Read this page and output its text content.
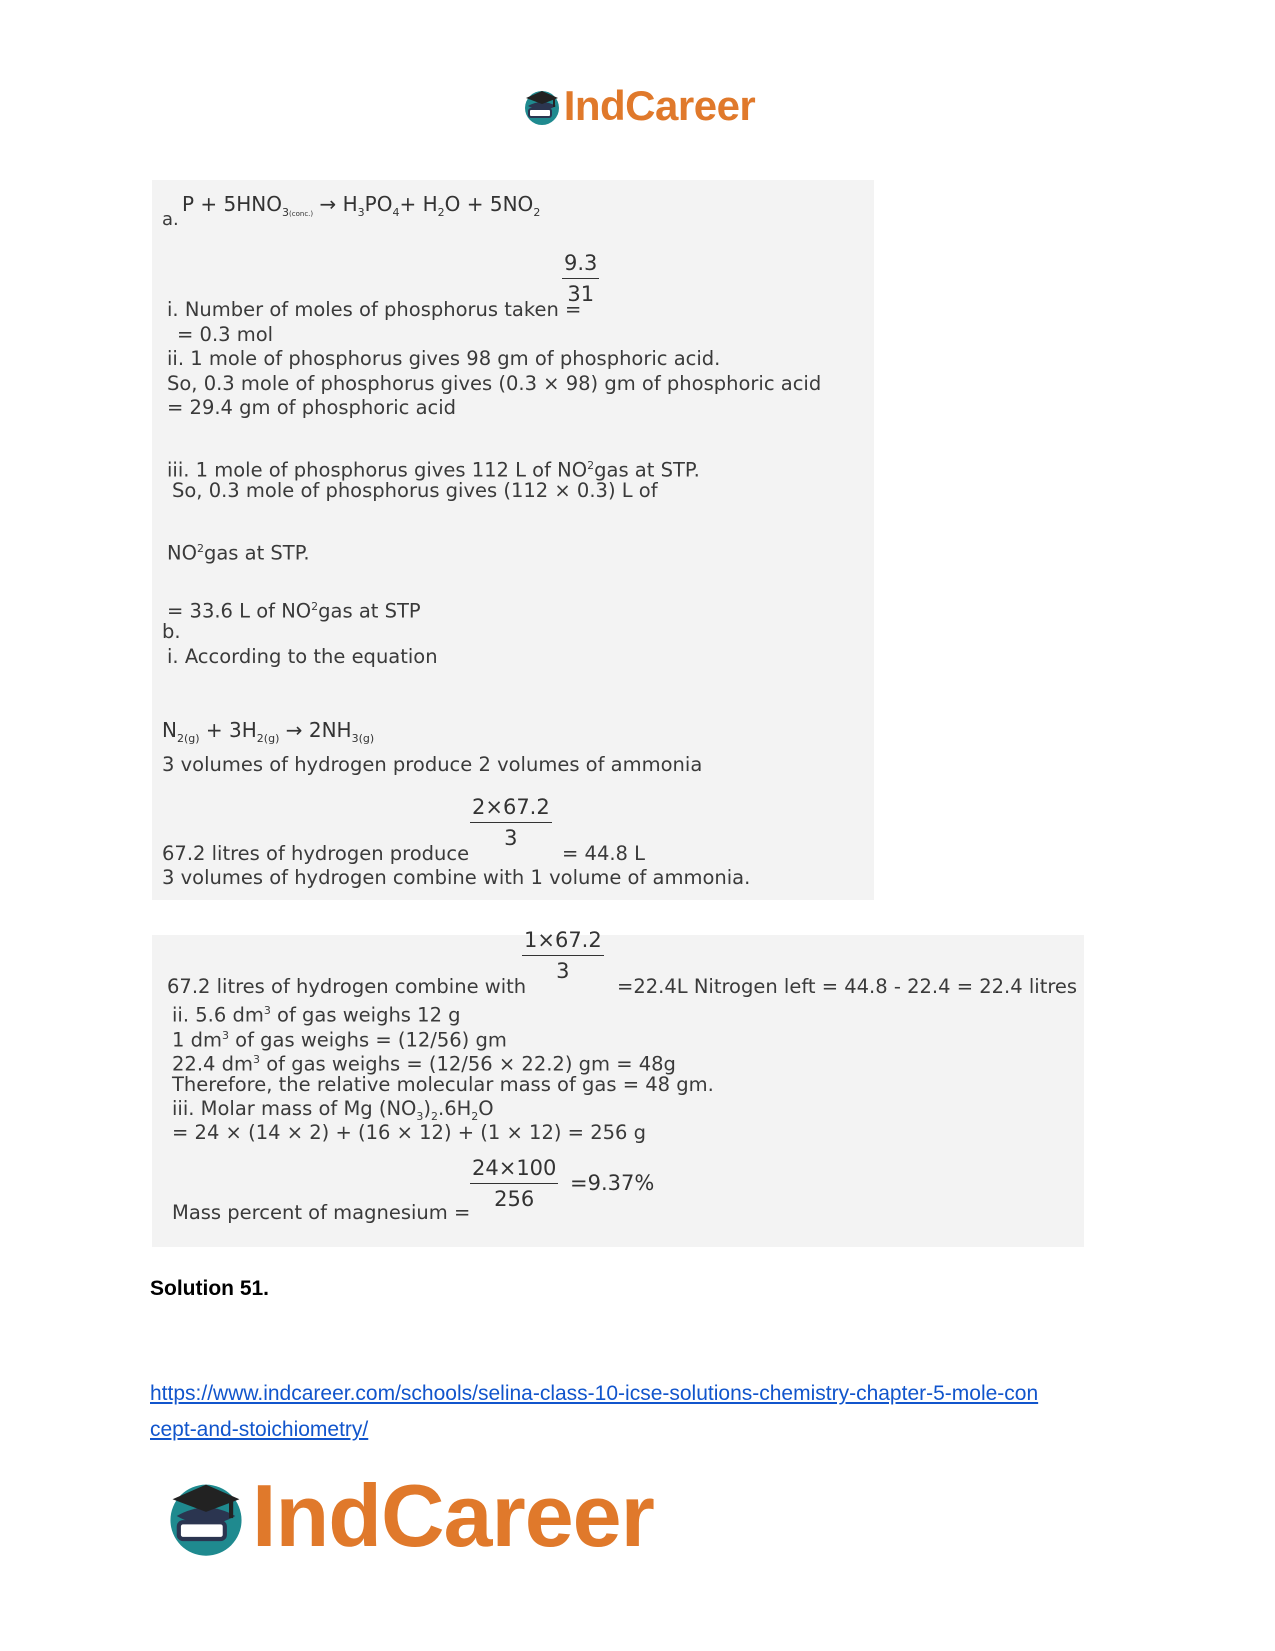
IndCareer
a.
$P + 5HNO_{3(conc.)} \to H_3PO_4+ H_2O + 5NO_2$
i. Number of moles of phosphorus taken =
$\frac{9.3}{31}$
= 0.3 mol
ii. 1 mole of phosphorus gives 98 gm of phosphoric acid.
So, 0.3 mole of phosphorus gives (0.3 × 98) gm of phosphoric acid
= 29.4 gm of phosphoric acid
iii. 1 mole of phosphorus gives 112 L of $NO^2gas$ at STP.
So, 0.3 mole of phosphorus gives (112 × 0.3) L of
$NO^2gas$ at STP.
= 33.6 L of $NO^2gas$ at STP
b.
i. According to the equation
$N_{2(g)} + 3H_{2(g)} \to 2NH_{3(g)}$
3 volumes of hydrogen produce 2 volumes of ammonia
67.2 litres of hydrogen produce
$\frac{2\times 67.2}{3}$
= 44.8 L
3 volumes of hydrogen combine with 1 volume of ammonia.
67.2 litres of hydrogen combine with
$\frac{1\times 67.2}{3}$
=22.4L Nitrogen left = 44.8 - 22.4 = 22.4 litres
ii. 5.6 $dm^3$ of gas weighs 12 g
1 $dm^3$ of gas weighs = (12/56) gm
22.4 $dm^3$ of gas weighs = (12/56 × 22.2) gm = 48g
Therefore, the relative molecular mass of gas = 48 gm.
iii. Molar mass of Mg $(NO_3)_2.6H_2O$
= 24 × (14 × 2) + (16 × 12) + (1 × 12) = 256 g
Mass percent of magnesium = $\frac{24\times 100}{256} =9.37\%$
Solution 51.
https://www.indcareer.com/schools/selina-class-10-icse-solutions-chemistry-chapter-5-mole-con
cept-and-stoichiometry/
IndCareer
